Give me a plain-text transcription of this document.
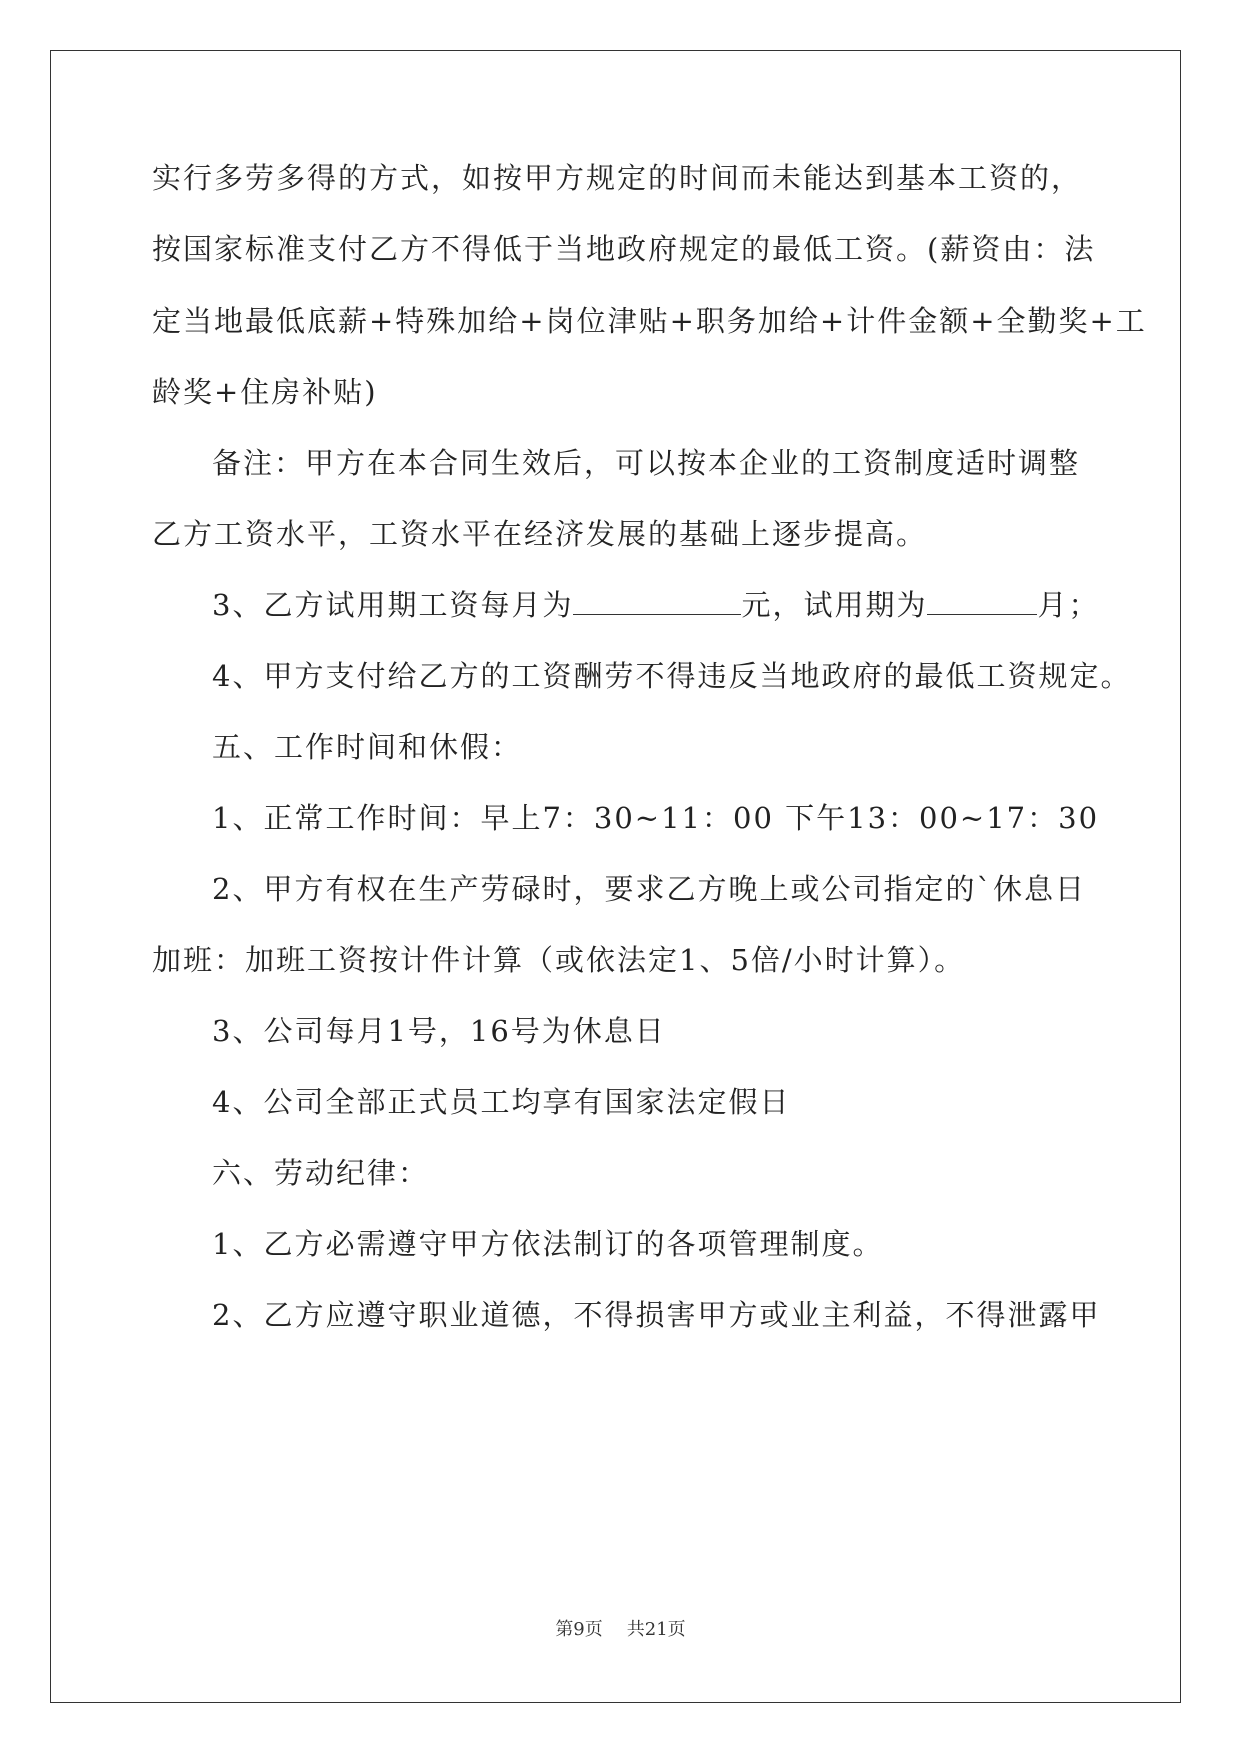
实行多劳多得的方式，如按甲方规定的时间而未能达到基本工资的，
按国家标准支付乙方不得低于当地政府规定的最低工资。(薪资由：法
定当地最低底薪+特殊加给+岗位津贴+职务加给+计件金额+全勤奖+工
龄奖+住房补贴)
备注：甲方在本合同生效后，可以按本企业的工资制度适时调整
乙方工资水平，工资水平在经济发展的基础上逐步提高。
3、乙方试用期工资每月为	元，试用期为	月；
4、甲方支付给乙方的工资酬劳不得违反当地政府的最低工资规定。
五、工作时间和休假：
1、正常工作时间：早上7：30~11：00 下午13：00~17：30
2、甲方有权在生产劳碌时，要求乙方晚上或公司指定的`休息日
加班：加班工资按计件计算（或依法定1、5倍/小时计算）。
3、公司每月1号，16号为休息日
4、公司全部正式员工均享有国家法定假日
六、劳动纪律：
1、乙方必需遵守甲方依法制订的各项管理制度。
2、乙方应遵守职业道德，不得损害甲方或业主利益，不得泄露甲
第9页 共21页
